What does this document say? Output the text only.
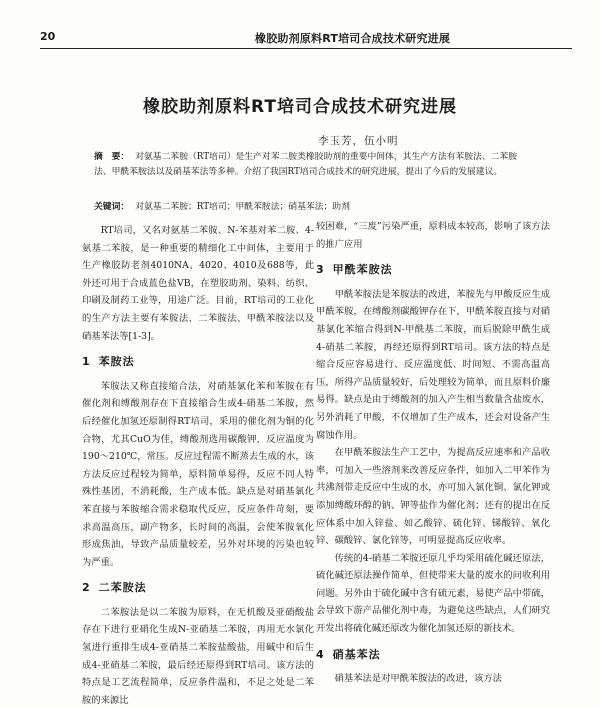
20	橡胶助剂原料RT培司合成技术研究进展
橡胶助剂原料RT培司合成技术研究进展
李玉芳，伍小明
摘　要： 对氨基二苯胺（RT培司）是生产对苯二胺类橡胶助剂的重要中间体，其生产方法有苯胺法、二苯胺法、甲酰苯胺法以及硝基苯法等多种。介绍了我国RT培司合成技术的研究进展，提出了今后的发展建议。
关键词： 对氨基二苯胺；RT培司；甲酰苯胺法；硝基苯法；助剂

RT培司，又名对氨基二苯胺、N-苯基对苯二胺、4-氨基二苯胺，是一种重要的精细化工中间体，主要用于生产橡胶防老剂4010NA、4020、4010及688等，此外还可用于合成蓝色盐VB，在塑胶助剂、染料、纺织、印刷及制药工业等，用途广泛。目前，RT培司的工业化的生产方法主要有苯胺法、二苯胺法、甲酰苯胺法以及硝基苯法等[1-3]。

1 苯胺法

苯胺法又称直接缩合法，对硝基氯化苯和苯胺在有催化剂和缚酸剂存在下直接缩合生成4-硝基二苯胺，然后经催化加氢还原制得RT培司，采用的催化剂为铜的化合物，尤其CuO为佳，缚酸剂选用碳酸钾，反应温度为190～210℃，常压。反应过程需不断蒸去生成的水，该方法反应过程较为简单，原料简单易得，反应不同人特殊性基团，不消耗酸，生产成本低。缺点是对硝基氯化苯直接与苯胺缩合需求稳取代反应，反应条件苛刻，要求高温高压，副产物多，长时间的高温，会使苯胺氧化形成焦油，导致产品质量较差，另外对环境的污染也较为严重。

2 二苯胺法

二苯胺法是以二苯胺为原料，在无机酸及亚硝酸盐存在下进行亚硝化生成N-亚硝基二苯胺，再用无水氯化氢进行重排生成4-亚硝基二苯胺盐酸盐，用碱中和后生成4-亚硝基二苯胺，最后经还原得到RT培司。该方法的特点是工艺流程简单，反应条件温和，不足之处是二苯胺的来源比

较困难，“三废”污染严重，原料成本较高，影响了该方法的推广应用

3 甲酰苯胺法

甲酰苯胺法是苯胺法的改进，苯胺先与甲酸反应生成甲酰苯胺，在缚酸剂碳酸钾存在下，甲酰苯胺直接与对硝基氯化苯缩合得到N-甲酰基二苯胺，而后脱除甲酰生成4-硝基二苯胺，再经还原得到RT培司。该方法的特点是缩合反应容易进行、反应温度低、时间短、不需高温高压，所得产品质量较好，后处理较为简单，而且原料价廉易得。缺点是由于缚酸剂的加入产生相当数量含盐废水，另外消耗了甲酸，不仅增加了生产成本，还会对设备产生腐蚀作用。

在甲酰苯胺法生产工艺中，为提高反应速率和产品收率，可加入一些溶剂来改善反应条件，如加入二甲苯作为共沸剂带走反应中生成的水，亦可加入氯化铜、氯化钾或添加缚酸环醇的钠、钾等盐作为催化剂；还有的提出在反应体系中加入锌盐、如乙酸锌、硫化锌、锑酸锌、氧化锌、碳酸锌、氯化锌等，可明显提高反应收率。

传统的4-硝基二苯胺还原几乎均采用硫化碱还原法，硫化碱还原法操作简单，但使带来大量的废水的问收利用问题。另外由于硫化碱中含有硫元素，易使产品中带硫，会导致下游产品催化剂中毒，为避免这些缺点，人们研究开发出将硫化碱还原改为催化加氢还原的新技术。

4 硝基苯法

硝基苯法是对甲酰苯胺法的改进，该方法
